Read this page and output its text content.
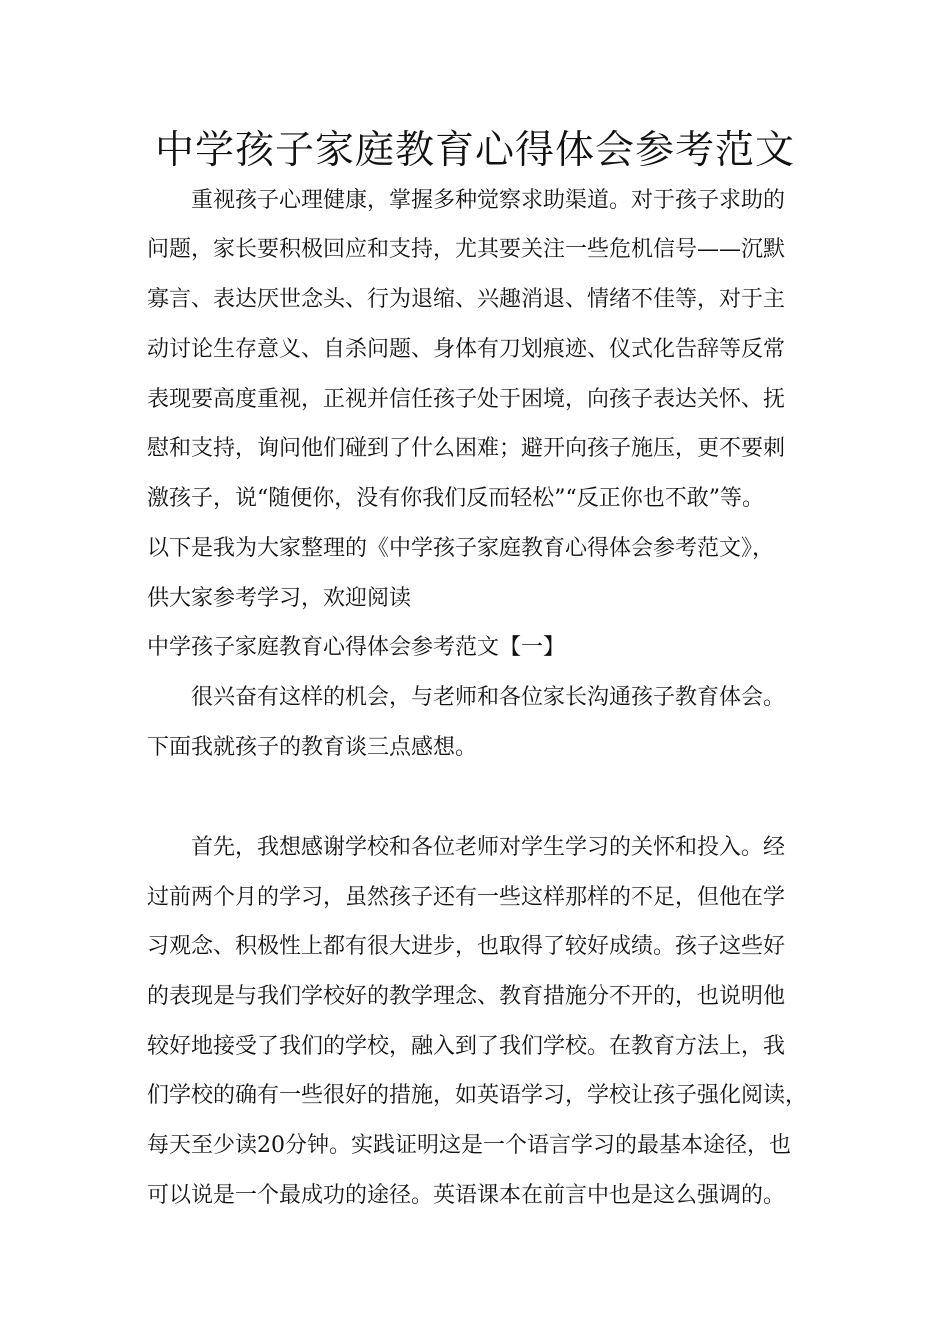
中学孩子家庭教育心得体会参考范文
重视孩子心理健康，掌握多种觉察求助渠道。对于孩子求助的
问题，家长要积极回应和支持，尤其要关注一些危机信号——沉默
寡言、表达厌世念头、行为退缩、兴趣消退、情绪不佳等，对于主
动讨论生存意义、自杀问题、身体有刀划痕迹、仪式化告辞等反常
表现要高度重视，正视并信任孩子处于困境，向孩子表达关怀、抚
慰和支持，询问他们碰到了什么困难；避开向孩子施压，更不要刺
激孩子，说“随便你，没有你我们反而轻松”“反正你也不敢”等。
以下是我为大家整理的《中学孩子家庭教育心得体会参考范文》，
供大家参考学习，欢迎阅读
中学孩子家庭教育心得体会参考范文【一】
很兴奋有这样的机会，与老师和各位家长沟通孩子教育体会。
下面我就孩子的教育谈三点感想。
首先，我想感谢学校和各位老师对学生学习的关怀和投入。经
过前两个月的学习，虽然孩子还有一些这样那样的不足，但他在学
习观念、积极性上都有很大进步，也取得了较好成绩。孩子这些好
的表现是与我们学校好的教学理念、教育措施分不开的，也说明他
较好地接受了我们的学校，融入到了我们学校。在教育方法上，我
们学校的确有一些很好的措施，如英语学习，学校让孩子强化阅读，
每天至少读20分钟。实践证明这是一个语言学习的最基本途径，也
可以说是一个最成功的途径。英语课本在前言中也是这么强调的。
